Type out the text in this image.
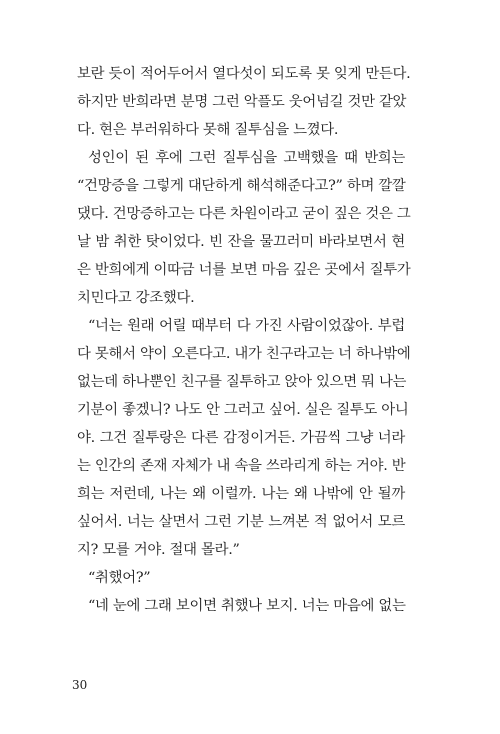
보란 듯이 적어두어서 열다섯이 되도록 못 잊게 만든다.
하지만 반희라면 분명 그런 악플도 웃어넘길 것만 같았
다. 현은 부러워하다 못해 질투심을 느꼈다.
성인이 된 후에 그런 질투심을 고백했을 때 반희는
“건망증을 그렇게 대단하게 해석해준다고?” 하며 깔깔
댔다. 건망증하고는 다른 차원이라고 굳이 짚은 것은 그
날 밤 취한 탓이었다. 빈 잔을 물끄러미 바라보면서 현
은 반희에게 이따금 너를 보면 마음 깊은 곳에서 질투가
치민다고 강조했다.
“너는 원래 어릴 때부터 다 가진 사람이었잖아. 부럽
다 못해서 약이 오른다고. 내가 친구라고는 너 하나밖에
없는데 하나뿐인 친구를 질투하고 앉아 있으면 뭐 나는
기분이 좋겠니? 나도 안 그러고 싶어. 실은 질투도 아니
야. 그건 질투랑은 다른 감정이거든. 가끔씩 그냥 너라
는 인간의 존재 자체가 내 속을 쓰라리게 하는 거야. 반
희는 저런데, 나는 왜 이럴까. 나는 왜 나밖에 안 될까
싶어서. 너는 살면서 그런 기분 느껴본 적 없어서 모르
지? 모를 거야. 절대 몰라.”
“취했어?”
“네 눈에 그래 보이면 취했나 보지. 너는 마음에 없는
30
